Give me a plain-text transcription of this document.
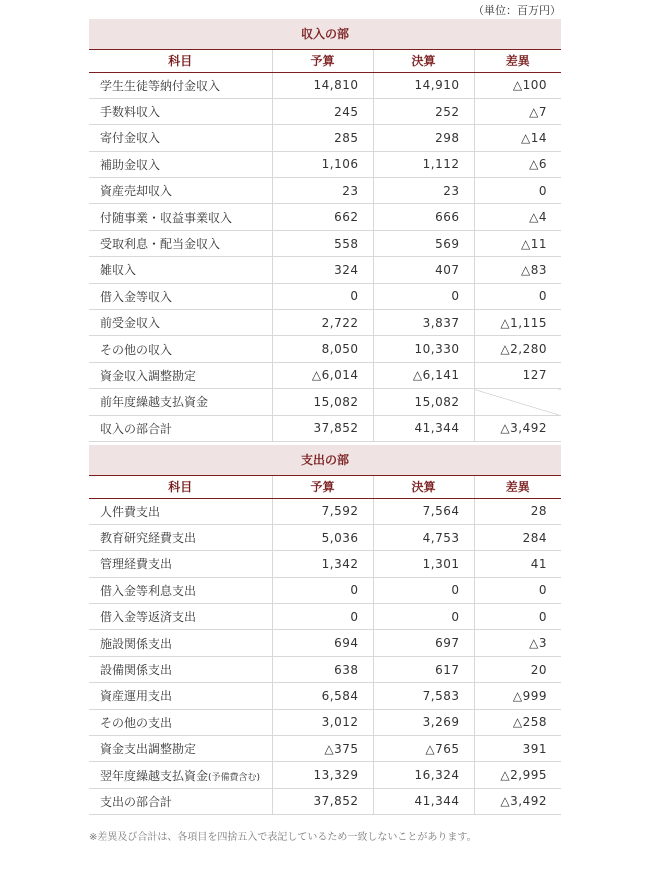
（単位：百万円）
収入の部			
科目	予算	決算	差異
学生生徒等納付金収入	14,810	14,910	△100
手数料収入	245	252	△7
寄付金収入	285	298	△14
補助金収入	1,106	1,112	△6
資産売却収入	23	23	0
付随事業・収益事業収入	662	666	△4
受取利息・配当金収入	558	569	△11
雑収入	324	407	△83
借入金等収入	0	0	0
前受金収入	2,722	3,837	△1,115
その他の収入	8,050	10,330	△2,280
資金収入調整勘定	△6,014	△6,141	127
前年度繰越支払資金	15,082	15,082	
収入の部合計	37,852	41,344	△3,492
支出の部			
科目	予算	決算	差異
人件費支出	7,592	7,564	28
教育研究経費支出	5,036	4,753	284
管理経費支出	1,342	1,301	41
借入金等利息支出	0	0	0
借入金等返済支出	0	0	0
施設関係支出	694	697	△3
設備関係支出	638	617	20
資産運用支出	6,584	7,583	△999
その他の支出	3,012	3,269	△258
資金支出調整勘定	△375	△765	391
翌年度繰越支払資金(予備費含む)	13,329	16,324	△2,995
支出の部合計	37,852	41,344	△3,492
※差異及び合計は、各項目を四捨五入で表記しているため一致しないことがあります。
